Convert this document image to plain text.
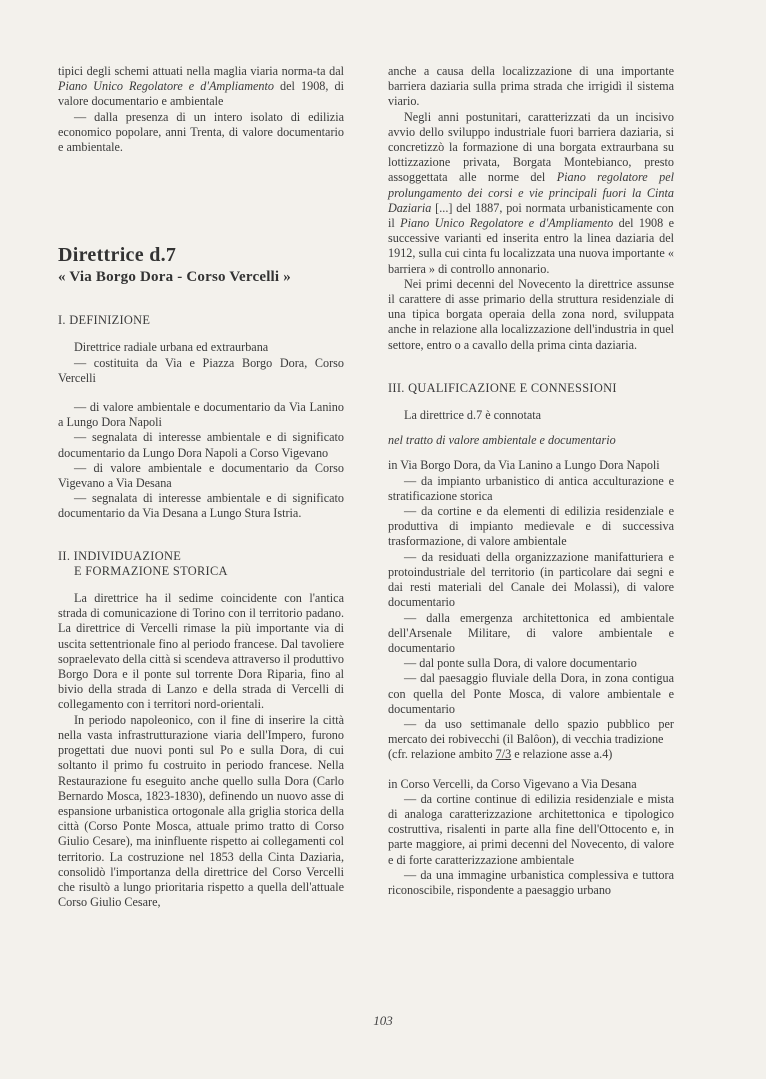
tipici degli schemi attuati nella maglia viaria norma-ta dal Piano Unico Regolatore e d'Ampliamento del 1908, di valore documentario e ambientale

— dalla presenza di un intero isolato di edilizia economico popolare, anni Trenta, di valore documentario e ambientale.

Direttrice d.7
« Via Borgo Dora - Corso Vercelli »
I. DEFINIZIONE

Direttrice radiale urbana ed extraurbana

— costituita da Via e Piazza Borgo Dora, Corso Vercelli

— di valore ambientale e documentario da Via Lanino a Lungo Dora Napoli

— segnalata di interesse ambientale e di significato documentario da Lungo Dora Napoli a Corso Vigevano

— di valore ambientale e documentario da Corso Vigevano a Via Desana

— segnalata di interesse ambientale e di significato documentario da Via Desana a Lungo Stura Istria.

II. INDIVIDUAZIONE
E FORMAZIONE STORICA

La direttrice ha il sedime coincidente con l'antica strada di comunicazione di Torino con il territorio padano. La direttrice di Vercelli rimase la più importante via di uscita settentrionale fino al periodo francese. Dal tavoliere sopraelevato della città si scendeva attraverso il produttivo Borgo Dora e il ponte sul torrente Dora Riparia, fino al bivio della strada di Lanzo e della strada di Vercelli di collegamento con i territori nord-orientali.

In periodo napoleonico, con il fine di inserire la città nella vasta infrastrutturazione viaria dell'Impero, furono progettati due nuovi ponti sul Po e sulla Dora, di cui soltanto il primo fu costruito in periodo francese. Nella Restaurazione fu eseguito anche quello sulla Dora (Carlo Bernardo Mosca, 1823-1830), definendo un nuovo asse di espansione urbanistica ortogonale alla griglia storica della città (Corso Ponte Mosca, attuale primo tratto di Corso Giulio Cesare), ma ininfluente rispetto ai collegamenti col territorio. La costruzione nel 1853 della Cinta Daziaria, consolidò l'importanza della direttrice del Corso Vercelli che risultò a lungo prioritaria rispetto a quella dell'attuale Corso Giulio Cesare,

anche a causa della localizzazione di una importante barriera daziaria sulla prima strada che irrigidì il sistema viario.

Negli anni postunitari, caratterizzati da un incisivo avvio dello sviluppo industriale fuori barriera daziaria, si concretizzò la formazione di una borgata extraurbana su lottizzazione privata, Borgata Montebianco, presto assoggettata alle norme del Piano regolatore pel prolungamento dei corsi e vie principali fuori la Cinta Daziaria [...] del 1887, poi normata urbanisticamente con il Piano Unico Regolatore e d'Ampliamento del 1908 e successive varianti ed inserita entro la linea daziaria del 1912, sulla cui cinta fu localizzata una nuova importante « barriera » di controllo annonario.

Nei primi decenni del Novecento la direttrice assunse il carattere di asse primario della struttura residenziale di una tipica borgata operaia della zona nord, sviluppata anche in relazione alla localizzazione dell'industria in quel settore, entro o a cavallo della prima cinta daziaria.

III. QUALIFICAZIONE E CONNESSIONI

La direttrice d.7 è connotata

nel tratto di valore ambientale e documentario

in Via Borgo Dora, da Via Lanino a Lungo Dora Napoli

— da impianto urbanistico di antica acculturazione e stratificazione storica

— da cortine e da elementi di edilizia residenziale e produttiva di impianto medievale e di successiva trasformazione, di valore ambientale

— da residuati della organizzazione manifatturiera e protoindustriale del territorio (in particolare dai segni e dai resti materiali del Canale dei Molassi), di valore documentario

— dalla emergenza architettonica ed ambientale dell'Arsenale Militare, di valore ambientale e documentario

— dal ponte sulla Dora, di valore documentario

— dal paesaggio fluviale della Dora, in zona contigua con quella del Ponte Mosca, di valore ambientale e documentario

— da uso settimanale dello spazio pubblico per mercato dei robivecchi (il Balôon), di vecchia tradizione

(cfr. relazione ambito 7/3 e relazione asse a.4)

in Corso Vercelli, da Corso Vigevano a Via Desana

— da cortine continue di edilizia residenziale e mista di analoga caratterizzazione architettonica e tipologico costruttiva, risalenti in parte alla fine dell'Ottocento e, in parte maggiore, ai primi decenni del Novecento, di valore e di forte caratterizzazione ambientale

— da una immagine urbanistica complessiva e tuttora riconoscibile, rispondente a paesaggio urbano

103
